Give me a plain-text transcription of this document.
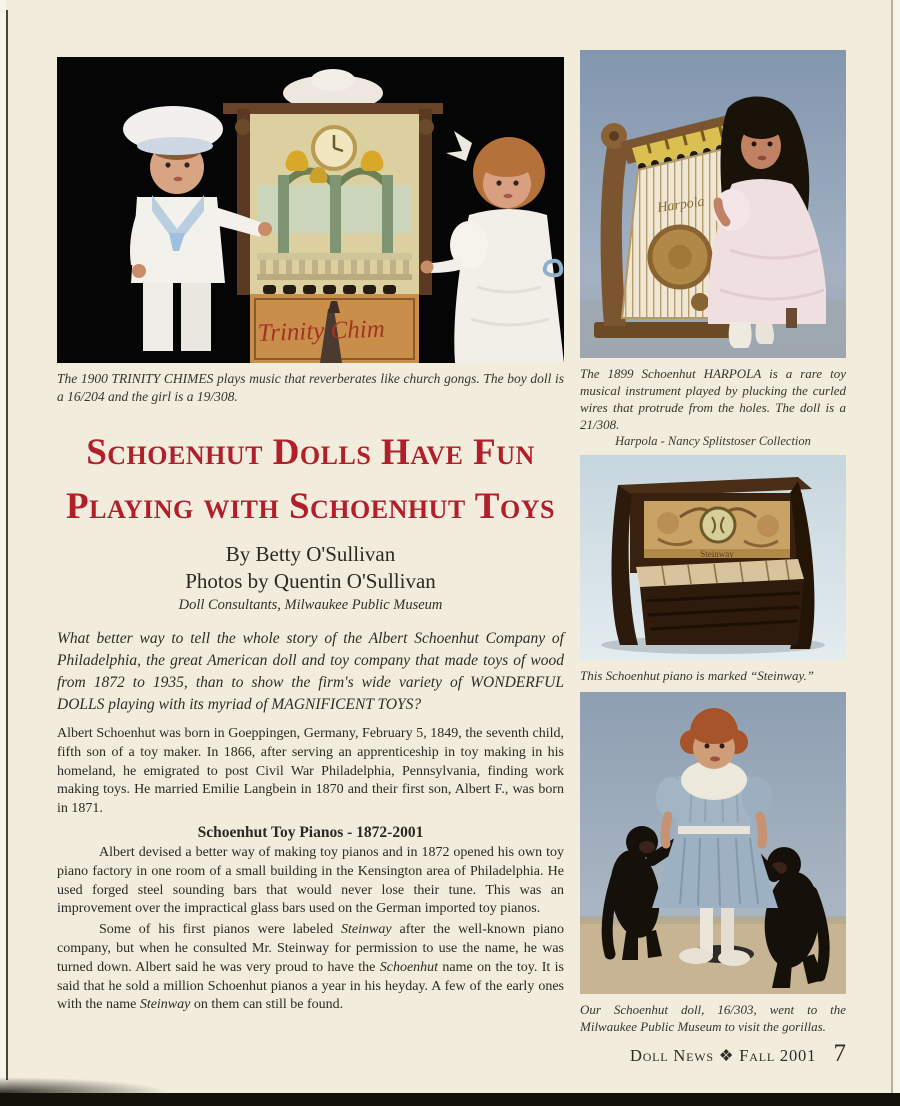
Trinity Chim
The 1900 TRINITY CHIMES plays music that reverberates like church gongs. The boy doll is a 16/204 and the girl is a 19/308.
Schoenhut Dolls Have Fun
Playing with Schoenhut Toys
By Betty O'Sullivan
Photos by Quentin O'Sullivan
Doll Consultants, Milwaukee Public Museum
What better way to tell the whole story of the Albert Schoenhut Company of Philadelphia, the great American doll and toy company that made toys of wood from 1872 to 1935, than to show the firm's wide variety of WONDERFUL DOLLS playing with its myriad of MAGNIFICENT TOYS?

Albert Schoenhut was born in Goeppingen, Germany, February 5, 1849, the seventh child, fifth son of a toy maker. In 1866, after serving an apprenticeship in toy making in his homeland, he emigrated to post Civil War Philadelphia, Pennsylvania, finding work making toys. He married Emilie Langbein in 1870 and their first son, Albert F., was born in 1871.

Schoenhut Toy Pianos - 1872-2001

Albert devised a better way of making toy pianos and in 1872 opened his own toy piano factory in one room of a small building in the Kensington area of Philadelphia. He used forged steel sounding bars that would never lose their tune. This was an improvement over the impractical glass bars used on the German imported toy pianos.

Some of his first pianos were labeled Steinway after the well-known piano company, but when he consulted Mr. Steinway for permission to use the name, he was turned down. Albert said he was very proud to have the Schoenhut name on the toy. It is said that he sold a million Schoenhut pianos a year in his heyday. A few of the early ones with the name Steinway on them can still be found.

Harpola
The 1899 Schoenhut HARPOLA is a rare toy musical instrument played by plucking the curled wires that protrude from the holes. The doll is a 21/308.
Harpola - Nancy Splitstoser Collection
Steinway
This Schoenhut piano is marked “Steinway.”
Our Schoenhut doll, 16/303, went to the Milwaukee Public Museum to visit the gorillas.
Doll News ❖ Fall 2001 7
